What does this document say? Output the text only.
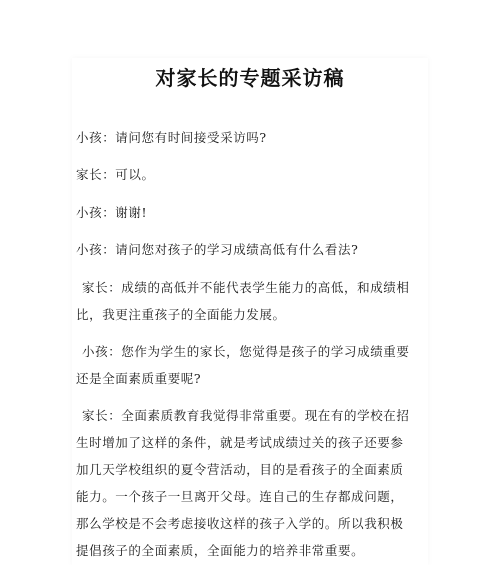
对家长的专题采访稿

小孩：请问您有时间接受采访吗?

家长：可以。

小孩：谢谢!

小孩：请问您对孩子的学习成绩高低有什么看法?

家长：成绩的高低并不能代表学生能力的高低，和成绩相
比，我更注重孩子的全面能力发展。

小孩：您作为学生的家长，您觉得是孩子的学习成绩重要
还是全面素质重要呢?

家长：全面素质教育我觉得非常重要。现在有的学校在招
生时增加了这样的条件，就是考试成绩过关的孩子还要参
加几天学校组织的夏令营活动，目的是看孩子的全面素质
能力。一个孩子一旦离开父母。连自己的生存都成问题，
那么学校是不会考虑接收这样的孩子入学的。所以我积极
提倡孩子的全面素质，全面能力的培养非常重要。
